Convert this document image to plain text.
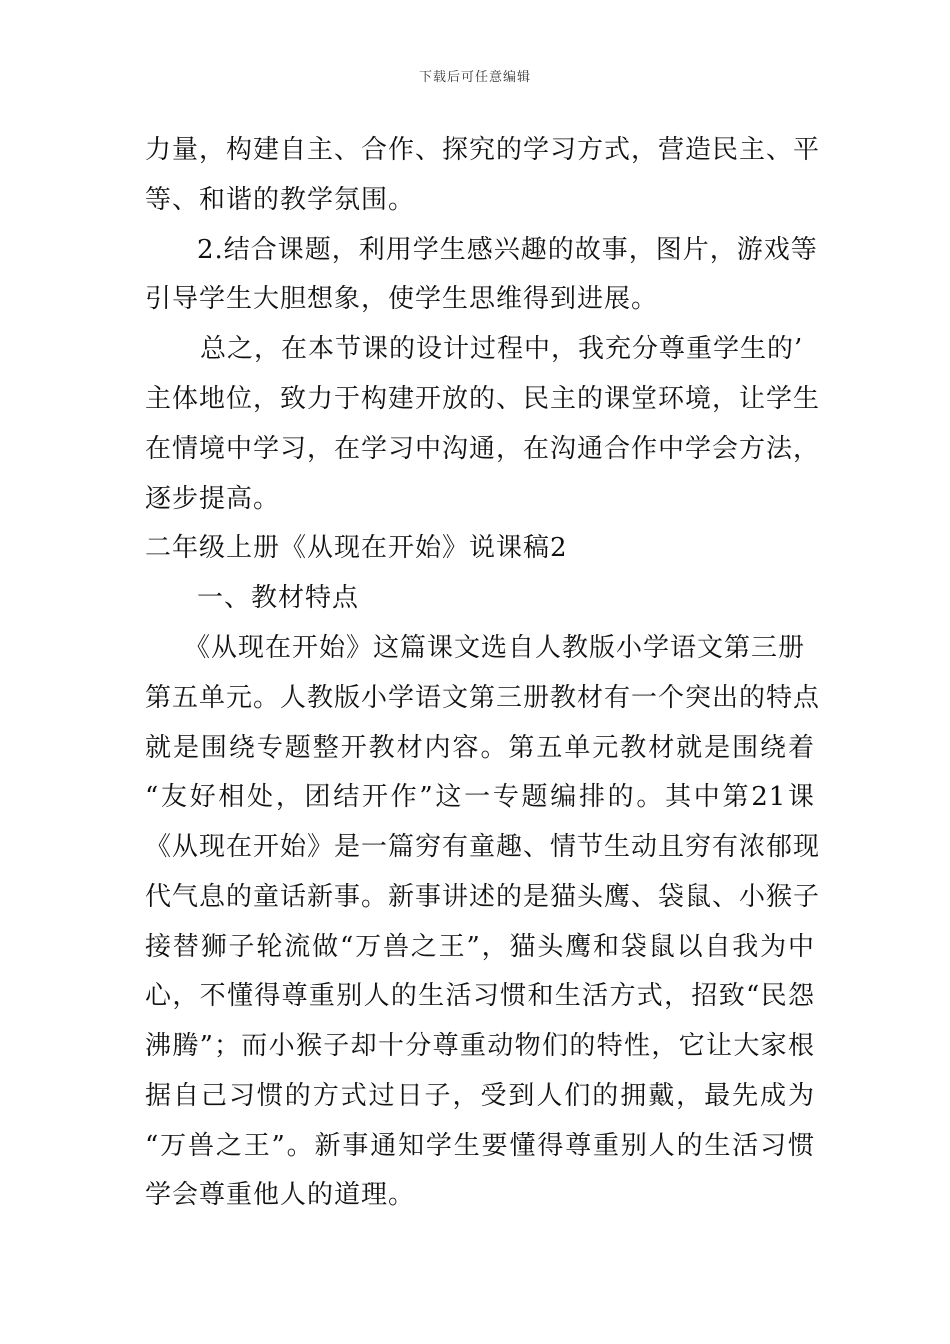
下载后可任意编辑
力量，构建自主、合作、探究的学习方式，营造民主、平
等、和谐的教学氛围。
　2.结合课题，利用学生感兴趣的故事，图片，游戏等
引导学生大胆想象，使学生思维得到进展。
　总之，在本节课的设计过程中，我充分尊重学生的’
主体地位，致力于构建开放的、民主的课堂环境，让学生
在情境中学习，在学习中沟通，在沟通合作中学会方法，
逐步提高。
二年级上册《从现在开始》说课稿2
　一、教材特点
　《从现在开始》这篇课文选自人教版小学语文第三册
第五单元。人教版小学语文第三册教材有一个突出的特点
就是围绕专题整开教材内容。第五单元教材就是围绕着
“友好相处，团结开作”这一专题编排的。其中第21课
《从现在开始》是一篇穷有童趣、情节生动且穷有浓郁现
代气息的童话新事。新事讲述的是猫头鹰、袋鼠、小猴子
接替狮子轮流做“万兽之王”，猫头鹰和袋鼠以自我为中
心，不懂得尊重别人的生活习惯和生活方式，招致“民怨
沸腾”；而小猴子却十分尊重动物们的特性，它让大家根
据自己习惯的方式过日子，受到人们的拥戴，最先成为
“万兽之王”。新事通知学生要懂得尊重别人的生活习惯
学会尊重他人的道理。
